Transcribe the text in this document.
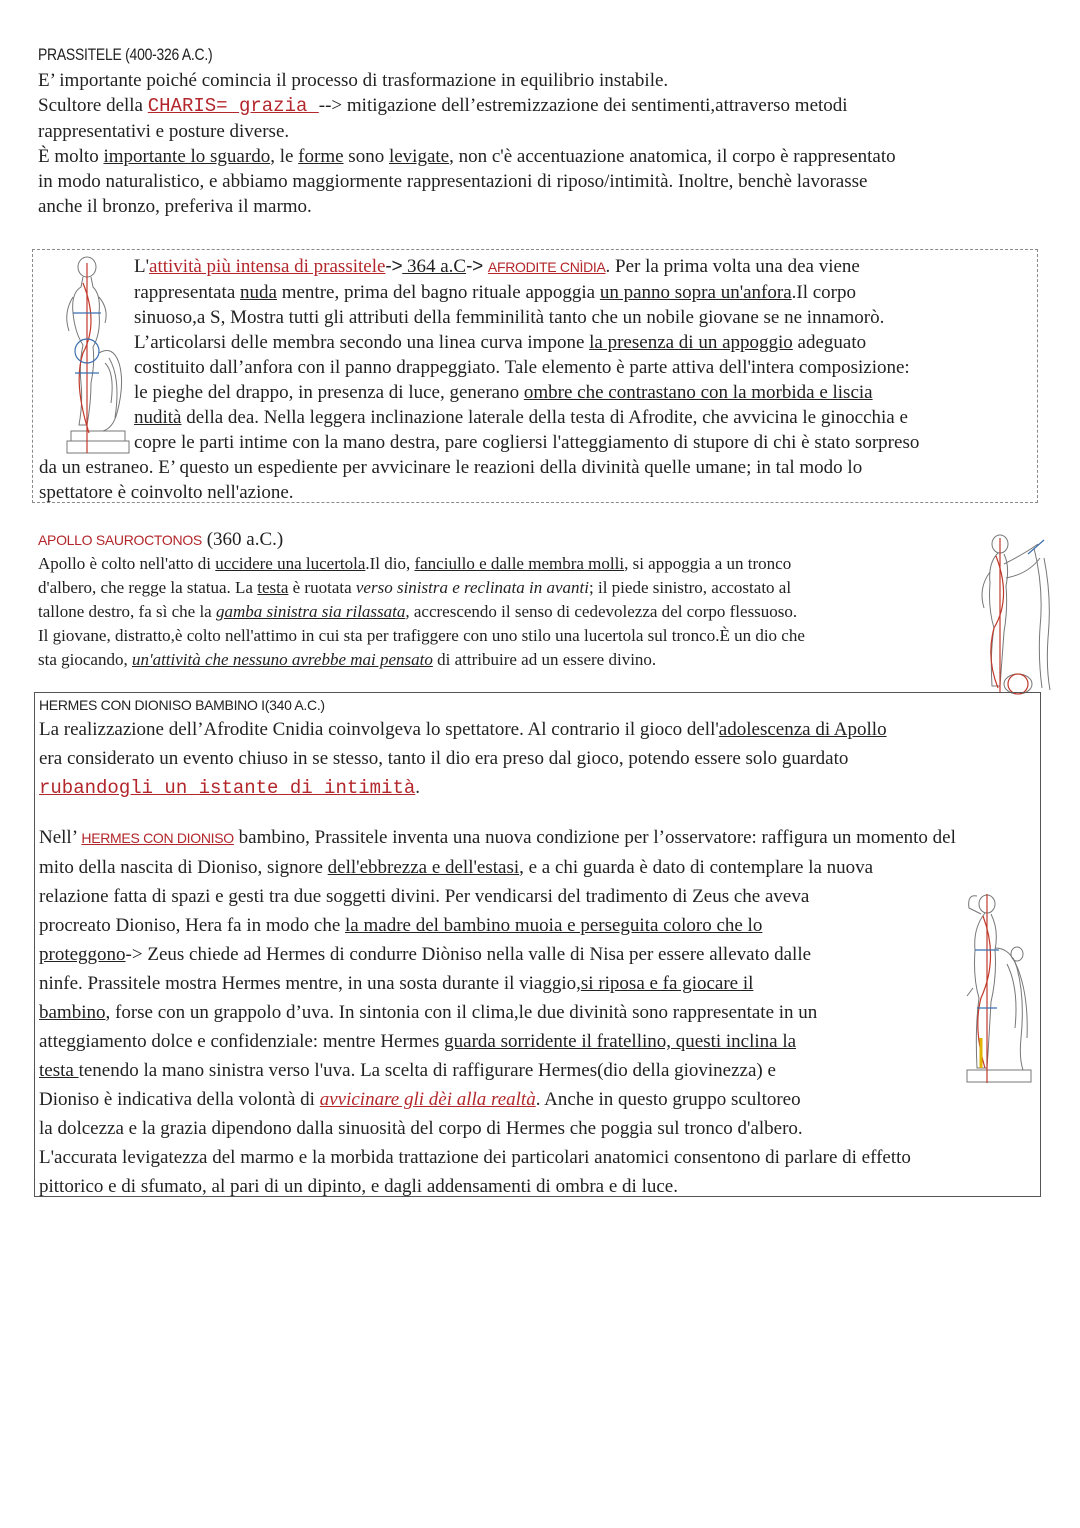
PRASSITELE (400-326 A.C.)

E’ importante poiché comincia il processo di trasformazione in equilibrio instabile.
Scultore della CHARIS= grazia --> mitigazione dell’estremizzazione dei sentimenti,attraverso metodi
rappresentativi e posture diverse.
È molto importante lo sguardo, le forme sono levigate, non c'è accentuazione anatomica, il corpo è rappresentato
in modo naturalistico, e abbiamo maggiormente rappresentazioni di riposo/intimità. Inoltre, benchè lavorasse
anche il bronzo, preferiva il marmo.

L'attività più intensa di prassitele-> 364 a.C-> AFRODITE CNÌDIA. Per la prima volta una dea viene
rappresentata nuda mentre, prima del bagno rituale appoggia un panno sopra un'anfora.Il corpo
sinuoso,a S, Mostra tutti gli attributi della femminilità tanto che un nobile giovane se ne innamorò.
L’articolarsi delle membra secondo una linea curva impone la presenza di un appoggio adeguato
costituito dall’anfora con il panno drappeggiato. Tale elemento è parte attiva dell'intera composizione:
le pieghe del drappo, in presenza di luce, generano ombre che contrastano con la morbida e liscia
nudità della dea. Nella leggera inclinazione laterale della testa di Afrodite, che avvicina le ginocchia e
copre le parti intime con la mano destra, pare cogliersi l'atteggiamento di stupore di chi è stato sorpreso
da un estraneo. E’ questo un espediente per avvicinare le reazioni della divinità quelle umane; in tal modo lo
spettatore è coinvolto nell'azione.
APOLLO SAUROCTONOS (360 a.C.)
Apollo è colto nell'atto di uccidere una lucertola.Il dio, fanciullo e dalle membra molli, si appoggia a un tronco
d'albero, che regge la statua. La testa è ruotata verso sinistra e reclinata in avanti; il piede sinistro, accostato al
tallone destro, fa sì che la gamba sinistra sia rilassata, accrescendo il senso di cedevolezza del corpo flessuoso.
Il giovane, distratto,è colto nell'attimo in cui sta per trafiggere con uno stilo una lucertola sul tronco.È un dio che
sta giocando, un'attività che nessuno avrebbe mai pensato di attribuire ad un essere divino.
HERMES CON DIONISO BAMBINO I(340 A.C.)
La realizzazione dell’Afrodite Cnidia coinvolgeva lo spettatore. Al contrario il gioco dell'adolescenza di Apollo
era considerato un evento chiuso in se stesso, tanto il dio era preso dal gioco, potendo essere solo guardato
rubandogli un istante di intimità.
Nell’ HERMES CON DIONISO bambino, Prassitele inventa una nuova condizione per l’osservatore: raffigura un momento del
mito della nascita di Dioniso, signore dell'ebbrezza e dell'estasi, e a chi guarda è dato di contemplare la nuova
relazione fatta di spazi e gesti tra due soggetti divini. Per vendicarsi del tradimento di Zeus che aveva
procreato Dioniso, Hera fa in modo che la madre del bambino muoia e perseguita coloro che lo
proteggono-> Zeus chiede ad Hermes di condurre Diòniso nella valle di Nisa per essere allevato dalle
ninfe. Prassitele mostra Hermes mentre, in una sosta durante il viaggio,si riposa e fa giocare il
bambino, forse con un grappolo d’uva. In sintonia con il clima,le due divinità sono rappresentate in un
atteggiamento dolce e confidenziale: mentre Hermes guarda sorridente il fratellino, questi inclina la
testa tenendo la mano sinistra verso l'uva. La scelta di raffigurare Hermes(dio della giovinezza) e
Dioniso è indicativa della volontà di avvicinare gli dèi alla realtà. Anche in questo gruppo scultoreo
la dolcezza e la grazia dipendono dalla sinuosità del corpo di Hermes che poggia sul tronco d'albero.
L'accurata levigatezza del marmo e la morbida trattazione dei particolari anatomici consentono di parlare di effetto
pittorico e di sfumato, al pari di un dipinto, e dagli addensamenti di ombra e di luce.
